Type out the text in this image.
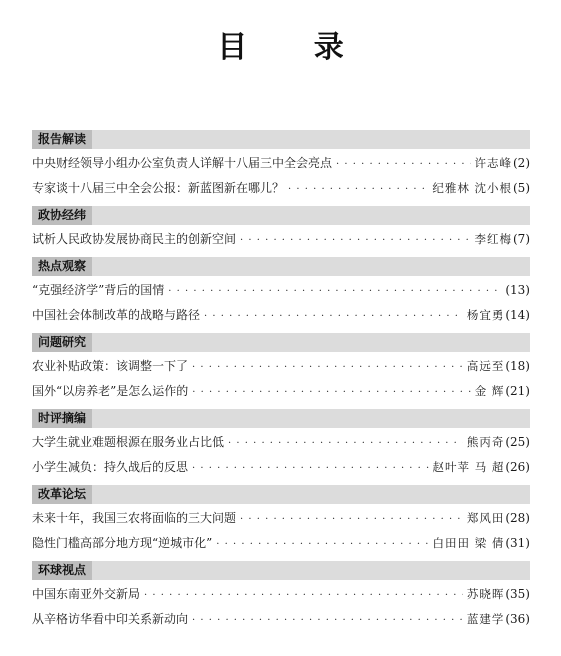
目 录
报告解读
中央财经领导小组办公室负责人详解十八届三中全会亮点 · · ·	许志峰 (2)
专家谈十八届三中全会公报：新蓝图新在哪儿？ · · ·	纪雅林 沈小根 (5)
政协经纬
试析人民政协发展协商民主的创新空间 · · ·	李红梅 (7)
热点观察
“克强经济学”背后的国情 · · ·	(13)
中国社会体制改革的战略与路径 · · ·	杨宜勇 (14)
问题研究
农业补贴政策：该调整一下了 · · ·	高远至 (18)
国外“以房养老”是怎么运作的 · · ·	金 辉 (21)
时评摘编
大学生就业难题根源在服务业占比低 · · ·	熊丙奇 (25)
小学生减负：持久战后的反思 · · ·	赵叶苹 马 超 (26)
改革论坛
未来十年，我国三农将面临的三大问题 · · ·	郑风田 (28)
隐性门槛高部分地方现“逆城市化” · · ·	白田田 梁 倩 (31)
环球视点
中国东南亚外交新局 · · ·	苏晓晖 (35)
从辛格访华看中印关系新动向 · · ·	蓝建学 (36)
